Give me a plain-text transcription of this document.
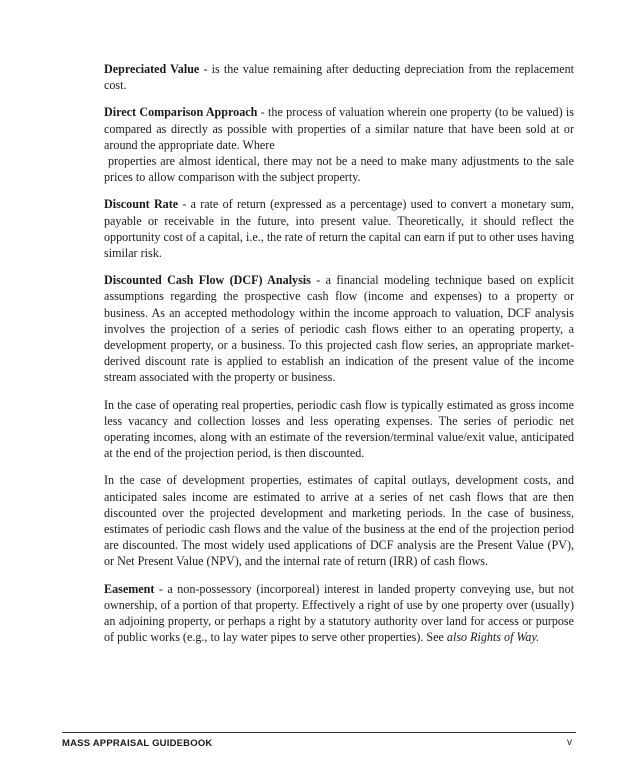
Depreciated Value - is the value remaining after deducting depreciation from the replacement cost.

Direct Comparison Approach - the process of valuation wherein one property (to be valued) is compared as directly as possible with properties of a similar nature that have been sold at or around the appropriate date. Where

properties are almost identical, there may not be a need to make many adjustments to the sale prices to allow comparison with the subject property.

Discount Rate - a rate of return (expressed as a percentage) used to convert a monetary sum, payable or receivable in the future, into present value. Theoretically, it should reflect the opportunity cost of a capital, i.e., the rate of return the capital can earn if put to other uses having similar risk.

Discounted Cash Flow (DCF) Analysis - a financial modeling technique based on explicit assumptions regarding the prospective cash flow (income and expenses) to a property or business. As an accepted methodology within the income approach to valuation, DCF analysis involves the projection of a series of periodic cash flows either to an operating property, a development property, or a business. To this projected cash flow series, an appropriate market-derived discount rate is applied to establish an indication of the present value of the income stream associated with the property or business.

In the case of operating real properties, periodic cash flow is typically estimated as gross income less vacancy and collection losses and less operating expenses. The series of periodic net operating incomes, along with an estimate of the reversion/terminal value/exit value, anticipated at the end of the projection period, is then discounted.

In the case of development properties, estimates of capital outlays, development costs, and anticipated sales income are estimated to arrive at a series of net cash flows that are then discounted over the projected development and marketing periods. In the case of business, estimates of periodic cash flows and the value of the business at the end of the projection period are discounted. The most widely used applications of DCF analysis are the Present Value (PV), or Net Present Value (NPV), and the internal rate of return (IRR) of cash flows.

Easement - a non-possessory (incorporeal) interest in landed property conveying use, but not ownership, of a portion of that property. Effectively a right of use by one property over (usually) an adjoining property, or perhaps a right by a statutory authority over land for access or purpose of public works (e.g., to lay water pipes to serve other properties). See also Rights of Way.

MASS APPRAISAL GUIDEBOOK	v
